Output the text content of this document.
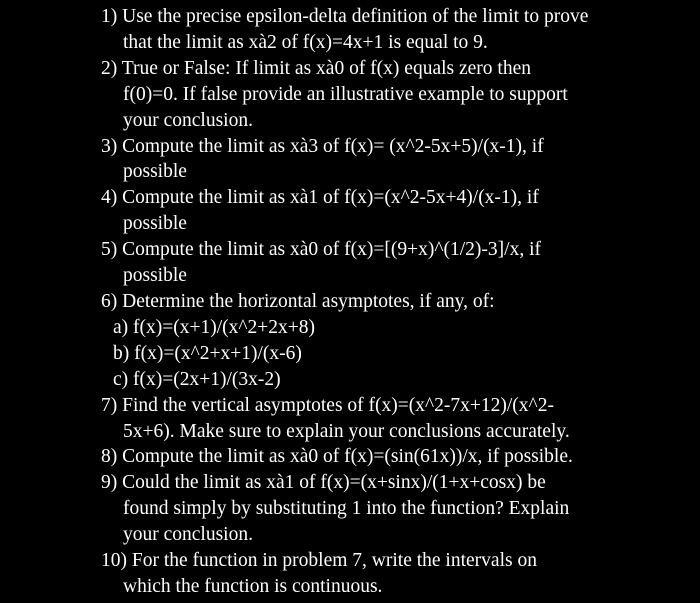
1) Use the precise epsilon-delta definition of the limit to prove
that the limit as xà2 of f(x)=4x+1 is equal to 9.
2) True or False: If limit as xà0 of f(x) equals zero then
f(0)=0. If false provide an illustrative example to support
your conclusion.
3) Compute the limit as xà3 of f(x)= (x^2-5x+5)/(x-1), if
possible
4) Compute the limit as xà1 of f(x)=(x^2-5x+4)/(x-1), if
possible
5) Compute the limit as xà0 of f(x)=[(9+x)^(1/2)-3]/x, if
possible
6) Determine the horizontal asymptotes, if any, of:
a) f(x)=(x+1)/(x^2+2x+8)
b) f(x)=(x^2+x+1)/(x-6)
c) f(x)=(2x+1)/(3x-2)
7) Find the vertical asymptotes of f(x)=(x^2-7x+12)/(x^2-
5x+6). Make sure to explain your conclusions accurately.
8) Compute the limit as xà0 of f(x)=(sin(61x))/x, if possible.
9) Could the limit as xà1 of f(x)=(x+sinx)/(1+x+cosx) be
found simply by substituting 1 into the function? Explain
your conclusion.
10) For the function in problem 7, write the intervals on
which the function is continuous.
